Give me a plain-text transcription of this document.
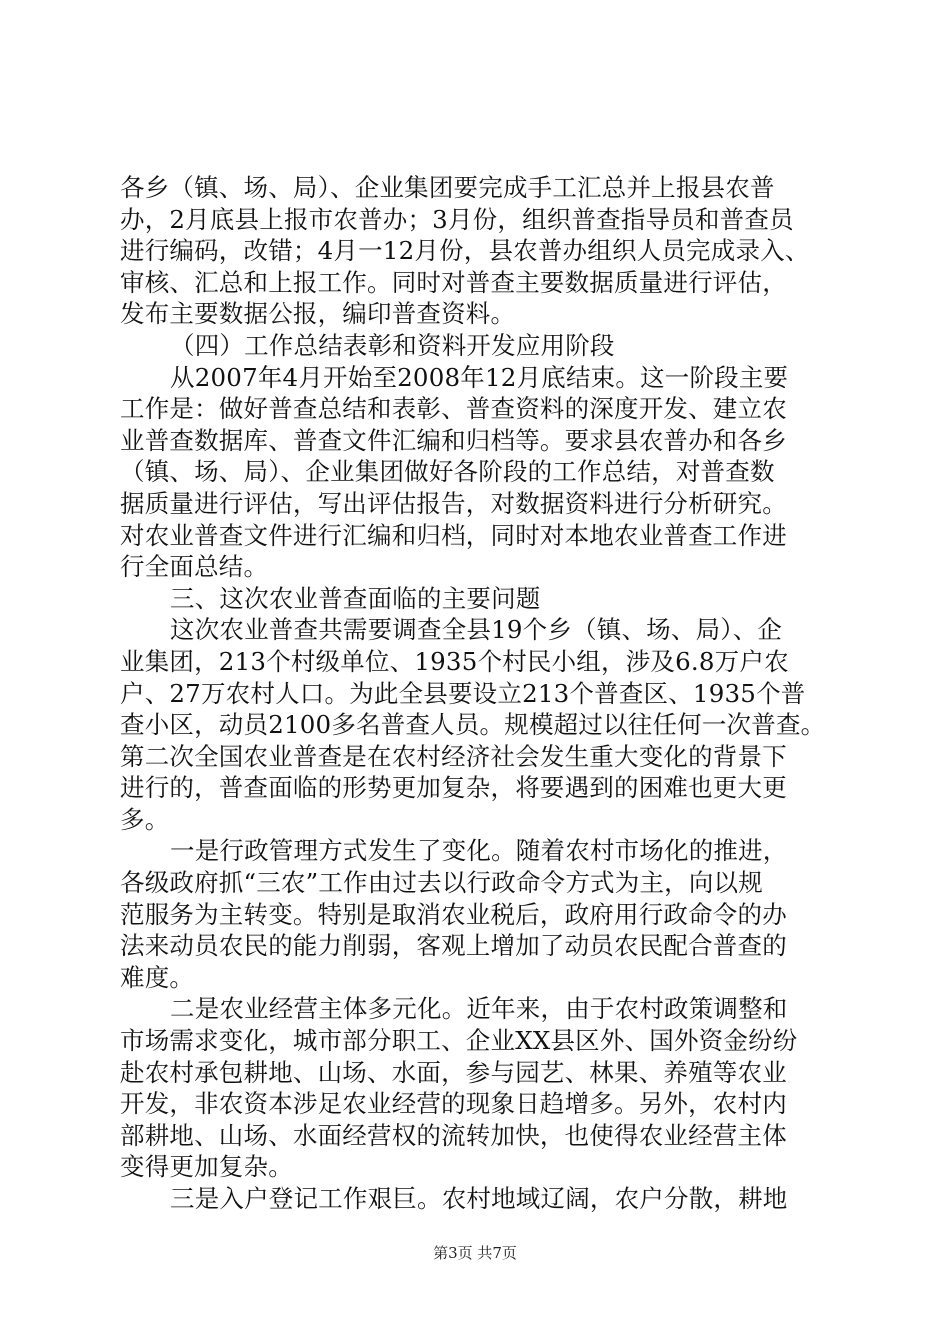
各乡（镇、场、局）、企业集团要完成手工汇总并上报县农普
办，2月底县上报市农普办；3月份，组织普查指导员和普查员
进行编码，改错；4月一12月份，县农普办组织人员完成录入、
审核、汇总和上报工作。同时对普查主要数据质量进行评估，
发布主要数据公报，编印普查资料。
（四）工作总结表彰和资料开发应用阶段
从2007年4月开始至2008年12月底结束。这一阶段主要
工作是：做好普查总结和表彰、普查资料的深度开发、建立农
业普查数据库、普查文件汇编和归档等。要求县农普办和各乡
（镇、场、局）、企业集团做好各阶段的工作总结，对普查数
据质量进行评估，写出评估报告，对数据资料进行分析研究。
对农业普查文件进行汇编和归档，同时对本地农业普查工作进
行全面总结。
三、这次农业普查面临的主要问题
这次农业普查共需要调查全县19个乡（镇、场、局）、企
业集团，213个村级单位、1935个村民小组，涉及6.8万户农
户、27万农村人口。为此全县要设立213个普查区、1935个普
查小区，动员2100多名普查人员。规模超过以往任何一次普查。
第二次全国农业普查是在农村经济社会发生重大变化的背景下
进行的，普查面临的形势更加复杂，将要遇到的困难也更大更
多。
一是行政管理方式发生了变化。随着农村市场化的推进，
各级政府抓“三农”工作由过去以行政命令方式为主，向以规
范服务为主转变。特别是取消农业税后，政府用行政命令的办
法来动员农民的能力削弱，客观上增加了动员农民配合普查的
难度。
二是农业经营主体多元化。近年来，由于农村政策调整和
市场需求变化，城市部分职工、企业XX县区外、国外资金纷纷
赴农村承包耕地、山场、水面，参与园艺、林果、养殖等农业
开发，非农资本涉足农业经营的现象日趋增多。另外，农村内
部耕地、山场、水面经营权的流转加快，也使得农业经营主体
变得更加复杂。
三是入户登记工作艰巨。农村地域辽阔，农户分散，耕地
第3页 共7页
